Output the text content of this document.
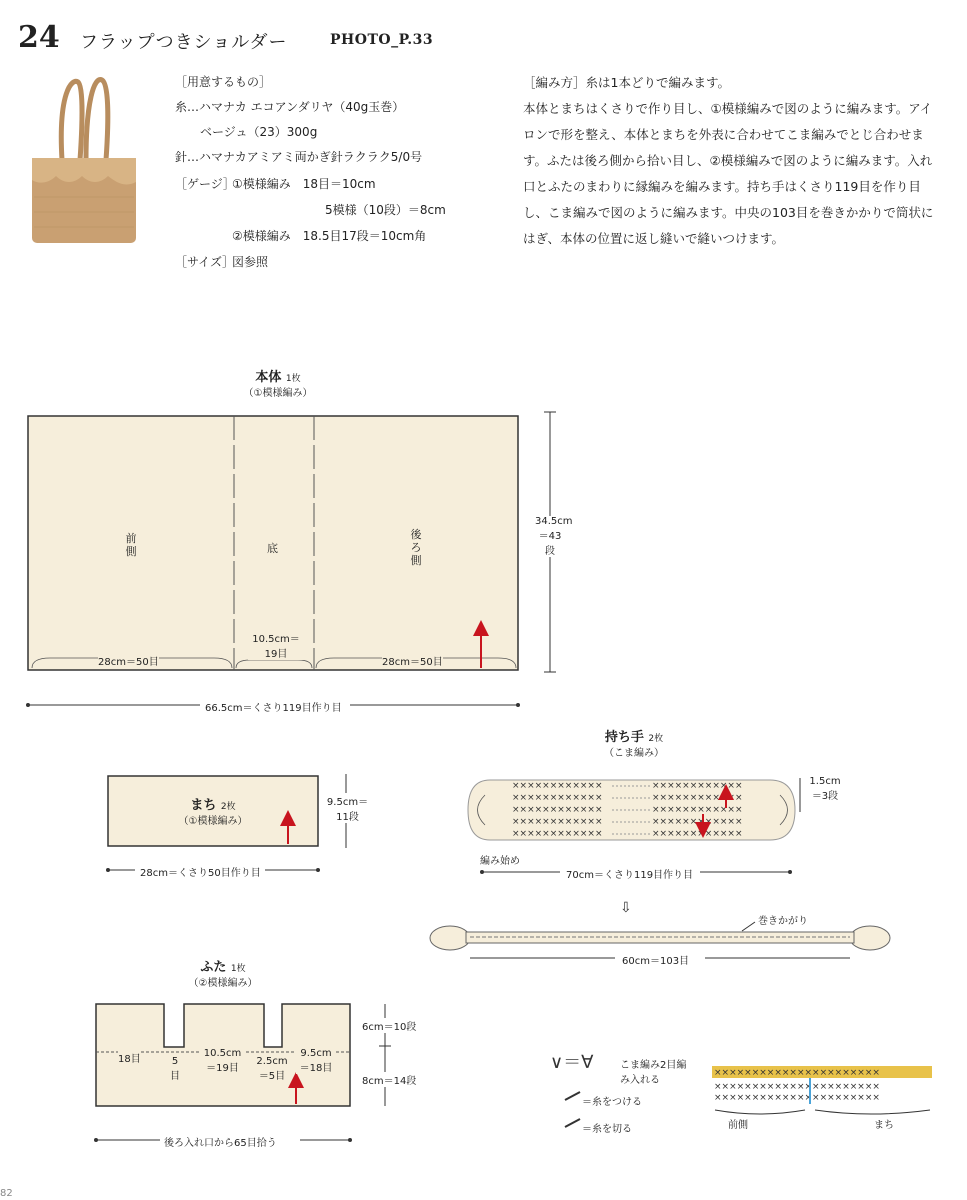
24 フラップつきショルダー	PHOTO_P.33
［用意するもの］
糸…ハマナカ エコアンダリヤ（40g玉巻）
ベージュ（23）300g
針…ハマナカアミアミ両かぎ針ラクラク5/0号
［ゲージ］
①模様編み　18目＝10cm
5模様（10段）＝8cm
②模様編み　18.5目17段＝10cm角
［サイズ］
図参照
［編み方］糸は1本どりで編みます。
本体とまちはくさりで作り目し、①模様編みで図のように編みます。アイロンで形を整え、本体とまちを外表に合わせてこま編みでとじ合わせます。ふたは後ろ側から拾い目し、②模様編みで図のように編みます。入れ口とふたのまわりに縁編みを編みます。持ち手はくさり119目を作り目し、こま編みで図のように編みます。中央の103目を巻きかかりで筒状にはぎ、本体の位置に返し縫いで縫いつけます。
××××××××××××
××××××××××××
××××××××××××
××××××××××××
××××××××××××
××××××××××××
××××××××××××
××××××××××××
××××××××××××
××××××××××××
⇩
∨＝∀	××××××××××××××××××××××
××××××××××××××××××××××
××××××××××××××××××××××
本体 1枚
（①模様編み）
前側	底
後ろ側
28cm＝50目
10.5cm＝19目
28cm＝50目
34.5cm＝43段
66.5cm＝くさり119目作り目
まち 2枚
（①模様編み）
9.5cm＝11段
28cm＝くさり50目作り目
持ち手 2枚
（こま編み）
1.5cm＝3段
編み始め
70cm＝くさり119目作り目
巻きかがり
60cm＝103目
ふた 1枚
（②模様編み）
18目	5目
10.5cm＝19目
2.5cm＝5目
9.5cm＝18目
6cm＝10段
8cm＝14段
後ろ入れ口から65目拾う
こま編み2目編み入れる
＝糸をつける
＝糸を切る	前側	まち
82
